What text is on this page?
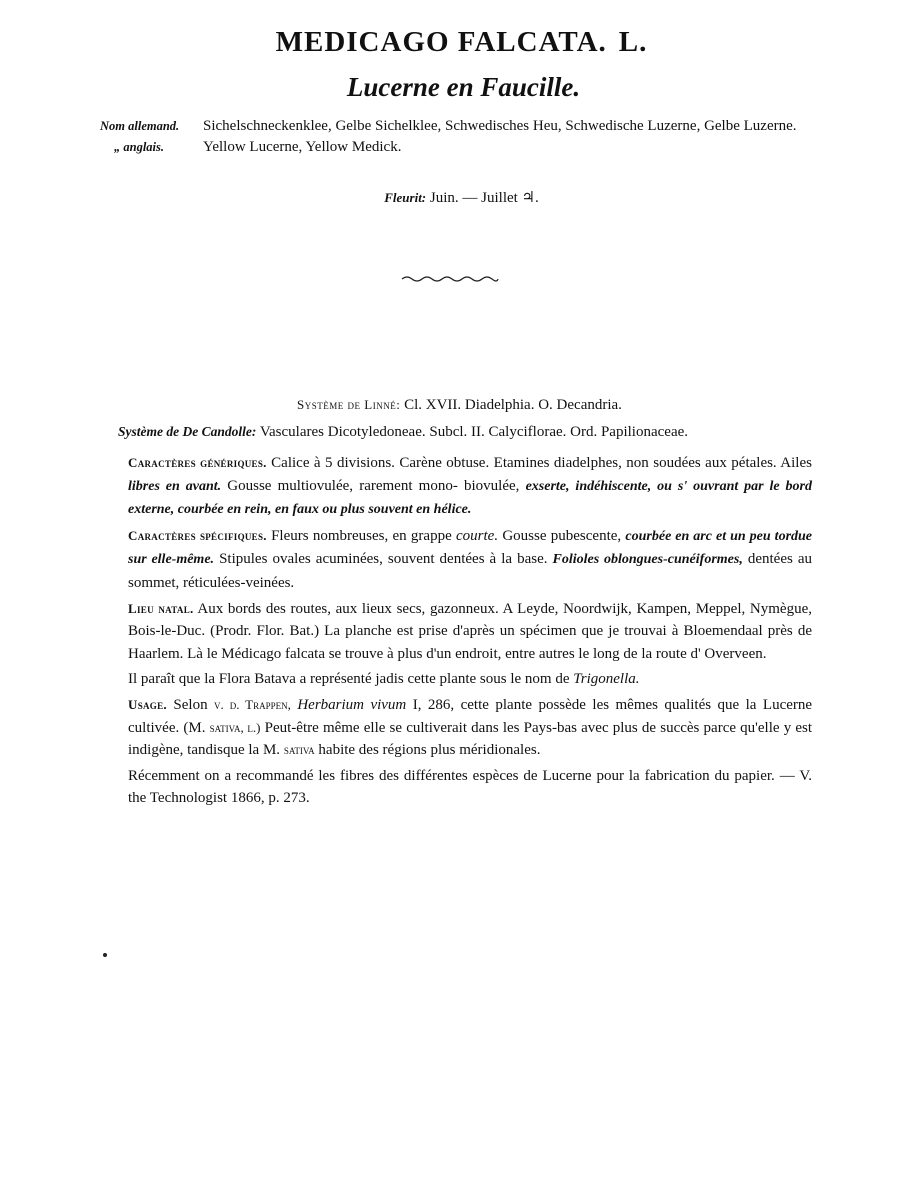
MEDICAGO FALCATA. L.
Lucerne en Faucille.
Nom allemand.	Sichelschneckenklee, Gelbe Sichelklee, Schwedisches Heu, Schwedische Luzerne, Gelbe Luzerne.
„ anglais.	Yellow Lucerne, Yellow Medick.
Fleurit: Juin. — Juillet ♃.
Système de Linné: Cl. XVII. Diadelphia. O. Decandria.
Système de De Candolle: Vasculares Dicotyledoneae. Subcl. II. Calyciflorae. Ord. Papilionaceae.

Caractères génériques. Calice à 5 divisions. Carène obtuse. Etamines diadelphes, non soudées aux pétales. Ailes libres en avant. Gousse multiovulée, rarement mono- biovulée, exserte, indéhiscente, ou s' ouvrant par le bord externe, courbée en rein, en faux ou plus souvent en hélice.

Caractères spécifiques. Fleurs nombreuses, en grappe courte. Gousse pubescente, courbée en arc et un peu tordue sur elle-même. Stipules ovales acuminées, souvent dentées à la base. Folioles oblongues-cunéiformes, dentées au sommet, réticulées-veinées.

Lieu natal. Aux bords des routes, aux lieux secs, gazonneux. A Leyde, Noordwijk, Kampen, Meppel, Nymègue, Bois-le-Duc. (Prodr. Flor. Bat.) La planche est prise d'après un spécimen que je trouvai à Bloemendaal près de Haarlem. Là le Médicago falcata se trouve à plus d'un endroit, entre autres le long de la route d' Overveen.

Il paraît que la Flora Batava a représenté jadis cette plante sous le nom de Trigonella.

Usage. Selon v. d. Trappen, Herbarium vivum I, 286, cette plante possède les mêmes qualités que la Lucerne cultivée. (M. sativa, l.) Peut-être même elle se cultiverait dans les Pays-bas avec plus de succès parce qu'elle y est indigène, tandisque la M. sativa habite des régions plus méridionales.

Récemment on a recommandé les fibres des différentes espèces de Lucerne pour la fabrication du papier. — V. the Technologist 1866, p. 273.
